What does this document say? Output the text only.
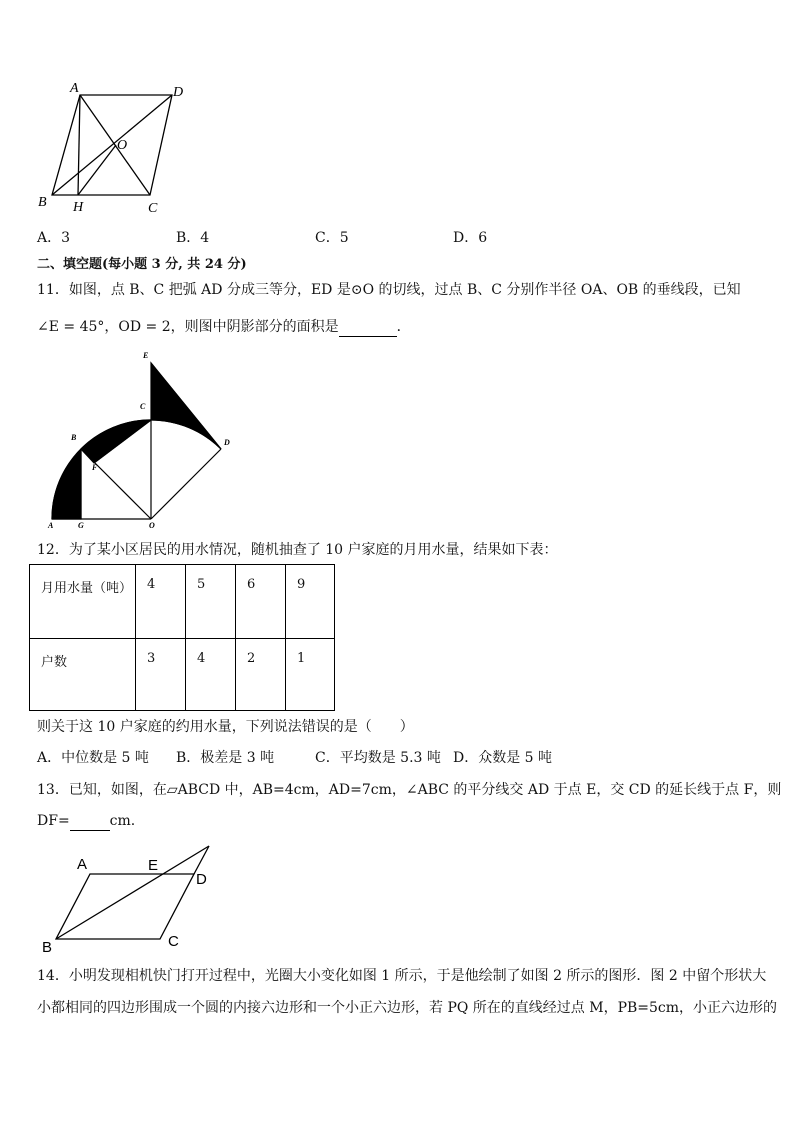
A	D
O
B H	C
A．3	B．4	C．5	D．6
二、填空题(每小题 3 分, 共 24 分)
11．如图，点 B、C 把弧 AD 分成三等分，ED 是⊙O 的切线，过点 B、C 分别作半径 OA、OB 的垂线段，已知
∠E = 45°，OD = 2，则图中阴影部分的面积是	．
E
C
B
F
D
A	G	O
12．为了某小区居民的用水情况，随机抽查了 10 户家庭的月用水量，结果如下表：
月用水量（吨）	4	5	6	9
户数	3	4	2	1
则关于这 10 户家庭的约用水量，下列说法错误的是（　　）
A．中位数是 5 吨 B．极差是 3 吨	C．平均数是 5.3 吨 D．众数是 5 吨
13．已知，如图，在▱ABCD 中，AB=4cm，AD=7cm，∠ABC 的平分线交 AD 于点 E，交 CD 的延长线于点 F，则
DF=	cm.
A	E
D
B	C
14．小明发现相机快门打开过程中，光圈大小变化如图 1 所示，于是他绘制了如图 2 所示的图形．图 2 中留个形状大
小都相同的四边形围成一个圆的内接六边形和一个小正六边形，若 PQ 所在的直线经过点 M，PB=5cm，小正六边形的
